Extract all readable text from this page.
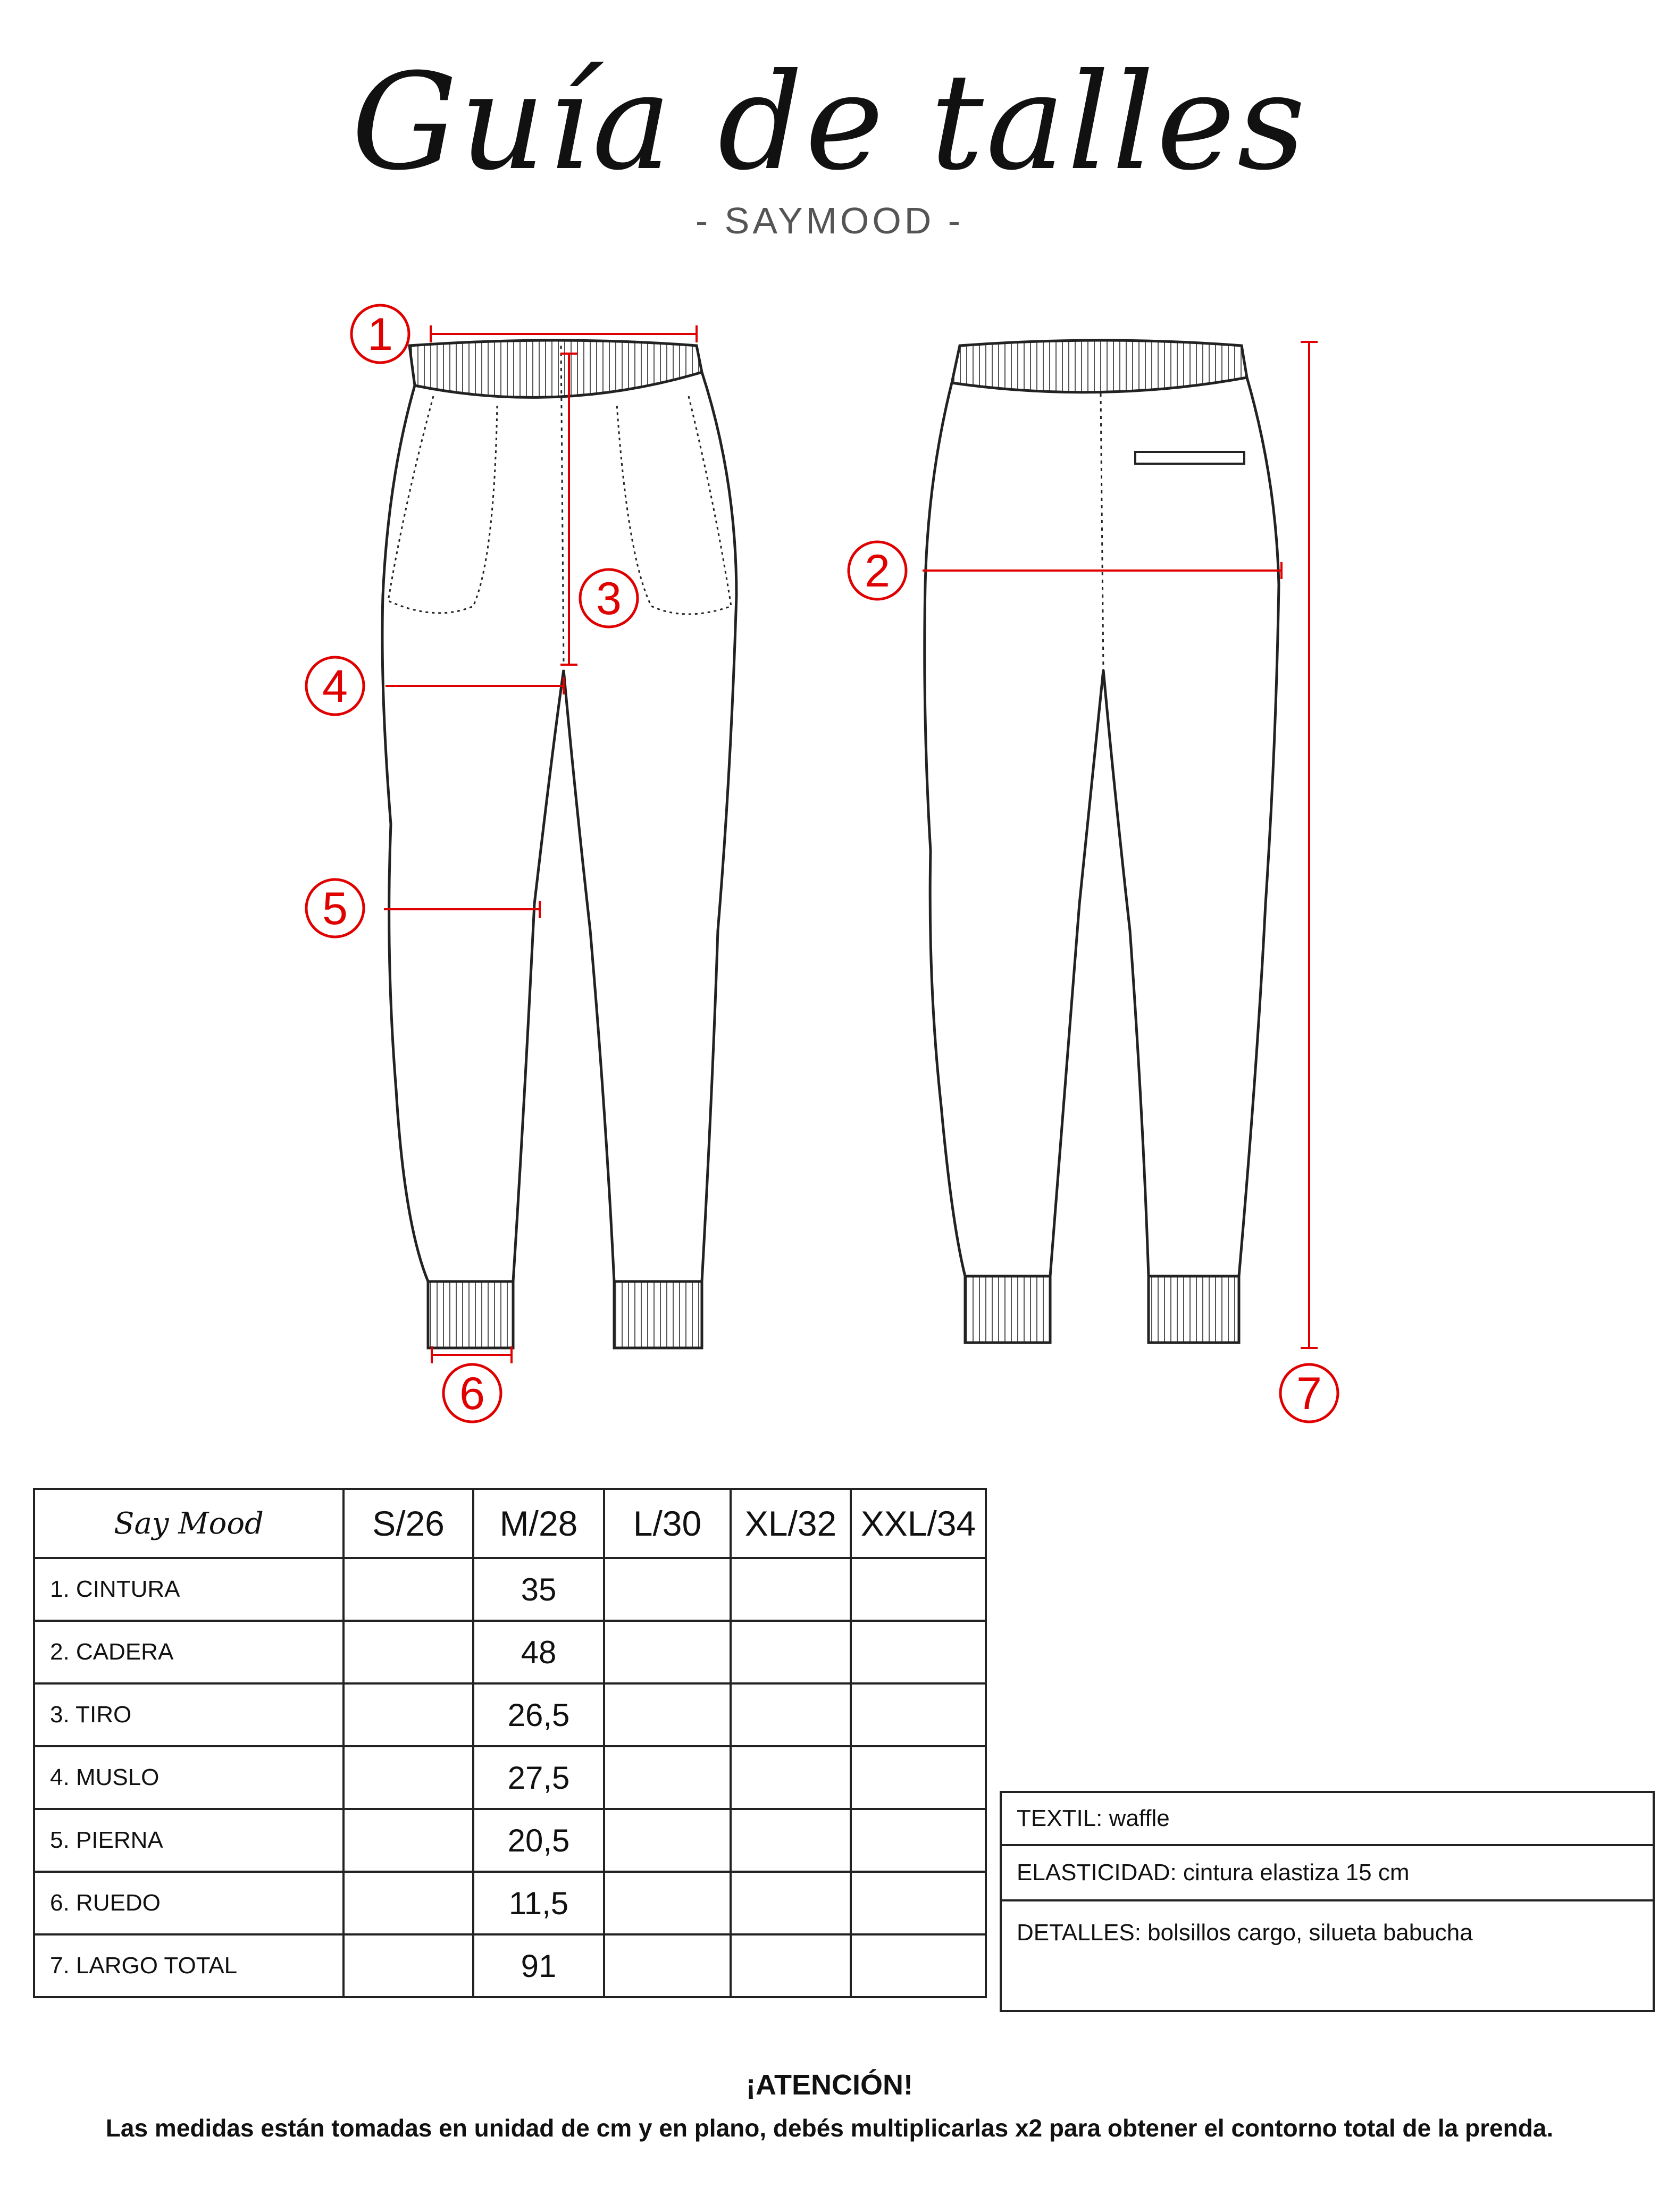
Guía de talles
- SAYMOOD -
1
2
3
4
5
6	7
Say Mood	S/26	M/28	L/30	XL/32	XXL/34
1. CINTURA		35			
2. CADERA		48			
3. TIRO		26,5			
4. MUSLO		27,5			
5. PIERNA		20,5			
6. RUEDO		11,5			
7. LARGO TOTAL		91			
TEXTIL: waffle
ELASTICIDAD: cintura elastiza 15 cm
DETALLES: bolsillos cargo, silueta babucha
¡ATENCIÓN!
Las medidas están tomadas en unidad de cm y en plano, debés multiplicarlas x2 para obtener el contorno total de la prenda.
